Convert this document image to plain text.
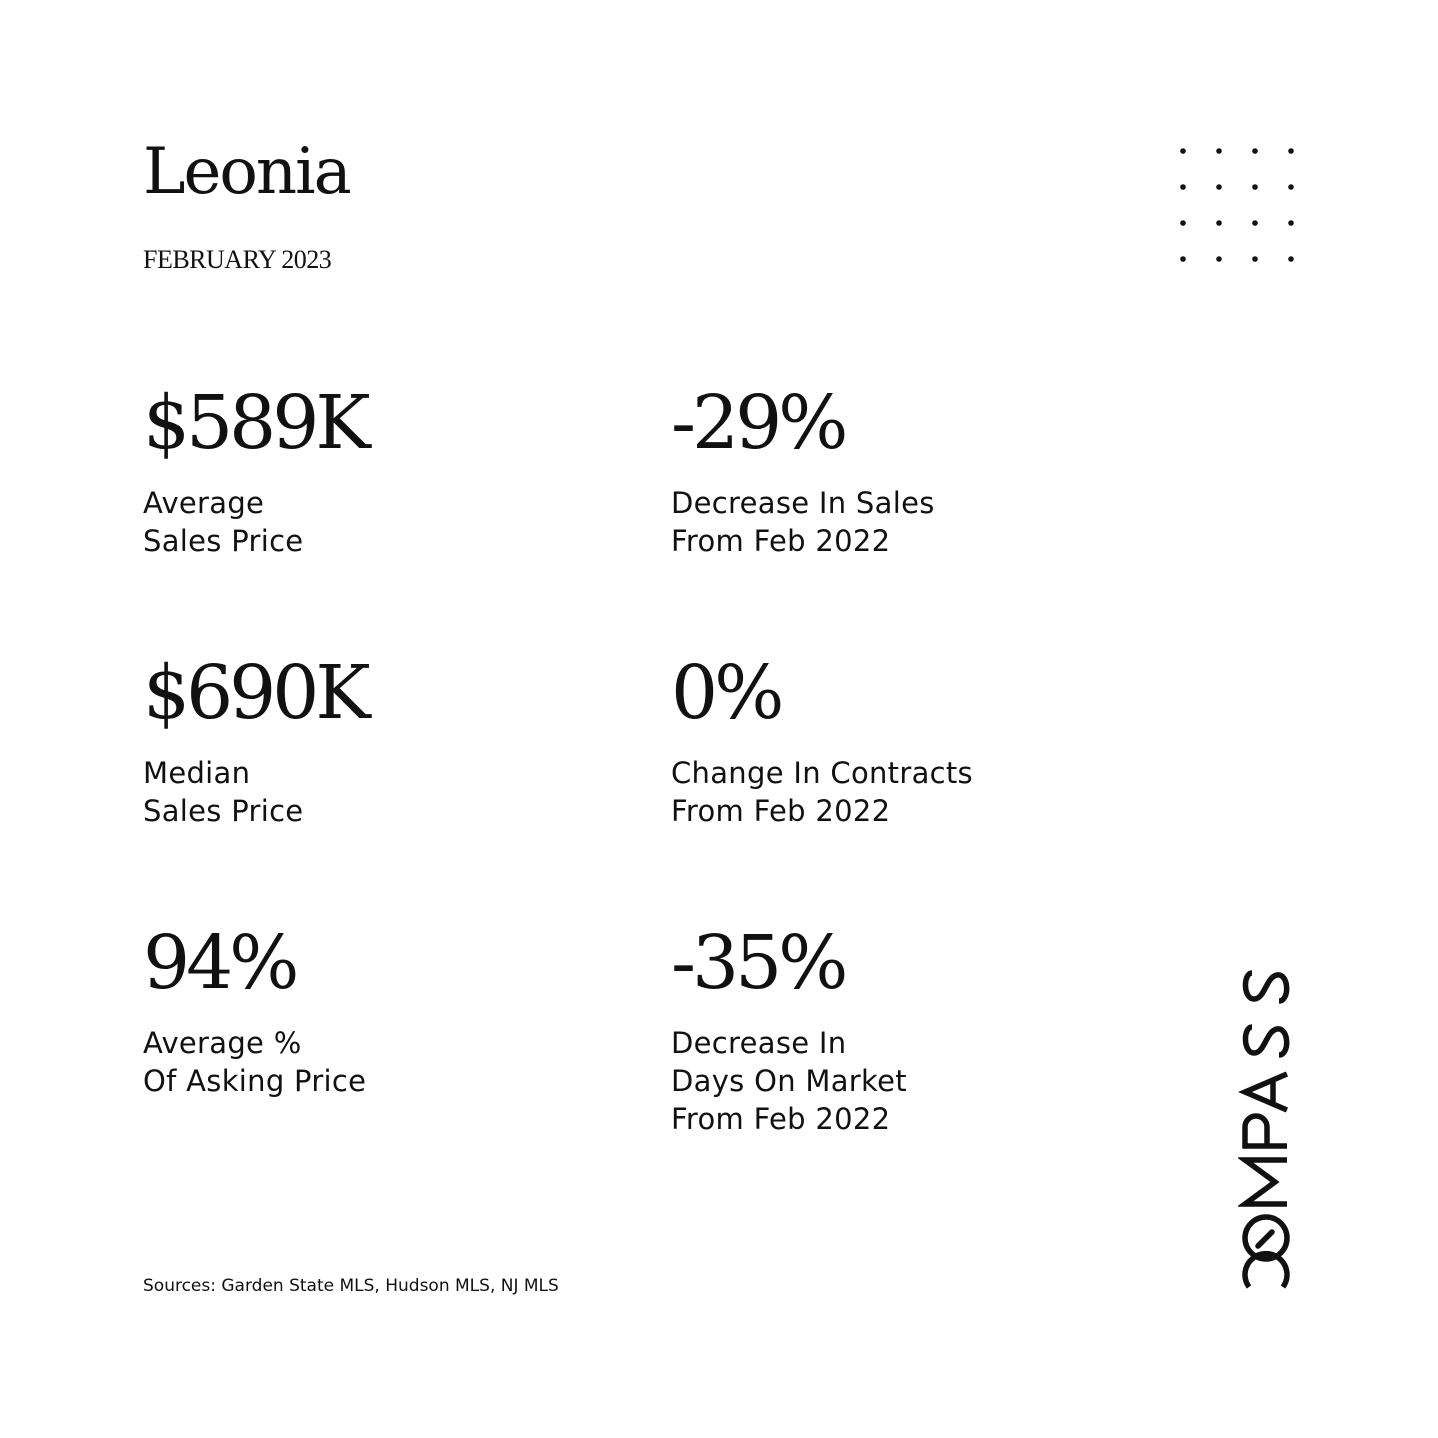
Leonia
FEBRUARY 2023
$589K
Average
Sales Price
-29%
Decrease In Sales
From Feb 2022
$690K
Median
Sales Price
0%
Change In Contracts
From Feb 2022
94%
Average %
Of Asking Price
-35%
Decrease In
Days On Market
From Feb 2022
Sources: Garden State MLS, Hudson MLS, NJ MLS
